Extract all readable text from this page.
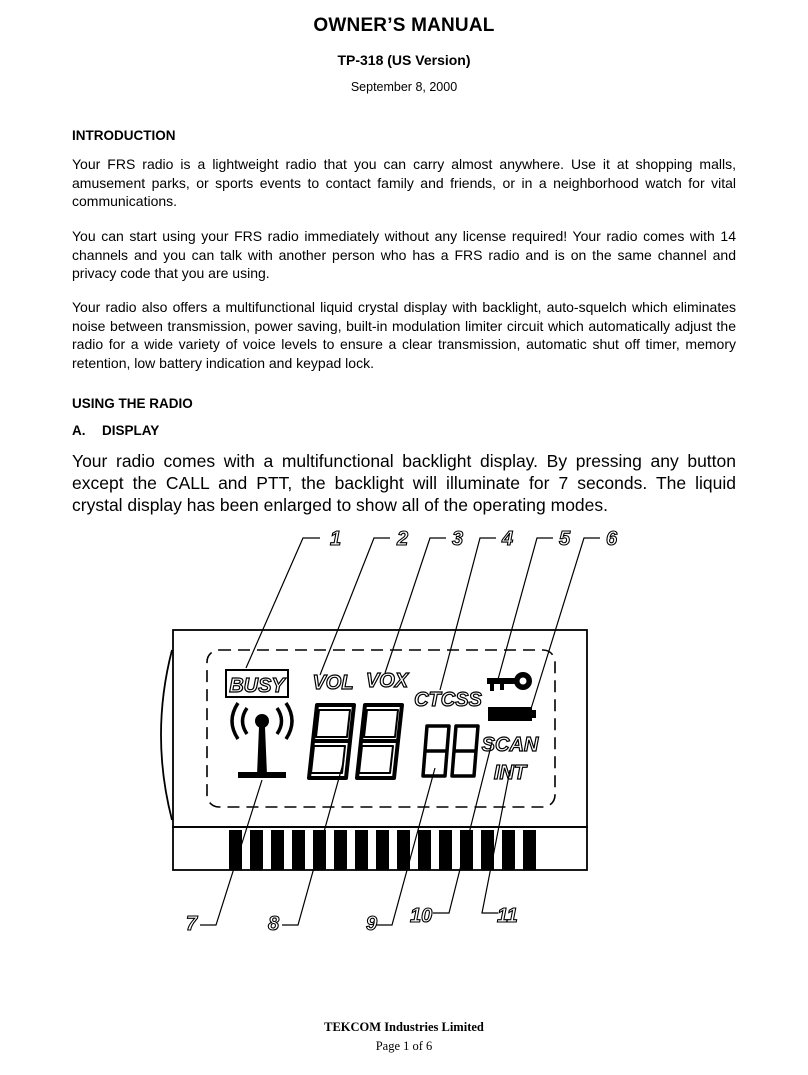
OWNER’S MANUAL

TP-318 (US Version)

September 8, 2000

INTRODUCTION

Your FRS radio is a lightweight radio that you can carry almost anywhere. Use it at shopping malls, amusement parks, or sports events to contact family and friends, or in a neighborhood watch for vital communications.

You can start using your FRS radio immediately without any license required! Your radio comes with 14 channels and you can talk with another person who has a FRS radio and is on the same channel and privacy code that you are using.

Your radio also offers a multifunctional liquid crystal display with backlight, auto-squelch which eliminates noise between transmission, power saving, built-in modulation limiter circuit which automatically adjust the radio for a wide variety of voice levels to ensure a clear transmission, automatic shut off timer, memory retention, low battery indication and keypad lock.

USING THE RADIO

A. DISPLAY

Your radio comes with a multifunctional backlight display. By pressing any button except the CALL and PTT, the backlight will illuminate for 7 seconds. The liquid crystal display has been enlarged to show all of the operating modes.

BUSY VOL VOX
CTCSS
SCAN
INT
1	2 3 4 5 6
7	8	9 10	11

TEKCOM Industries Limited

Page 1 of 6
